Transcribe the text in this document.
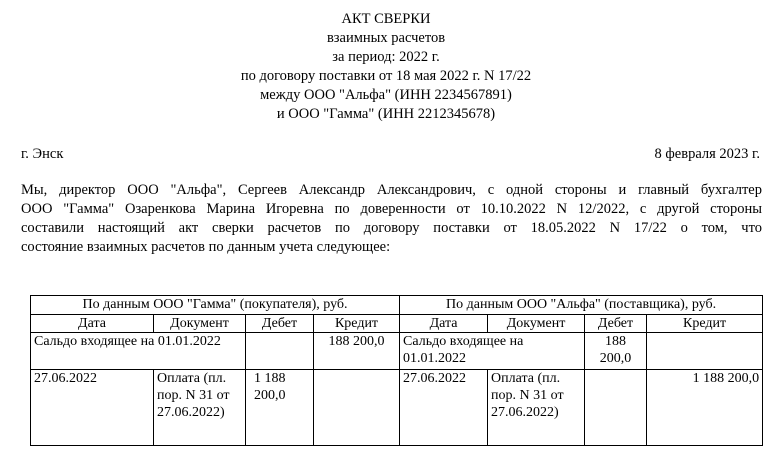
АКТ СВЕРКИ
взаимных расчетов
за период: 2022 г.
по договору поставки от 18 мая 2022 г. N 17/22
между ООО "Альфа" (ИНН 2234567891)
и ООО "Гамма" (ИНН 2212345678)
г. Энск	8 февраля 2023 г.
Мы, директор ООО "Альфа", Сергеев Александр Александрович, с одной стороны и главный бухгалтер
ООО "Гамма" Озаренкова Марина Игоревна по доверенности от 10.10.2022 N 12/2022, с другой стороны
составили настоящий акт сверки расчетов по договору поставки от 18.05.2022 N 17/22 о том, что
состояние взаимных расчетов по данным учета следующее:
По данным ООО "Гамма" (покупателя), руб.				По данным ООО "Альфа" (поставщика), руб.			
Дата	Документ	Дебет	Кредит	Дата	Документ	Дебет	Кредит
Сальдо входящее на 01.01.2022			188 200,0	Сальдо входящее на 01.01.2022		188 200,0	
27.06.2022	Оплата (пл. пор. N 31 от 27.06.2022)	1 188 200,0		27.06.2022	Оплата (пл. пор. N 31 от 27.06.2022)		1 188 200,0
